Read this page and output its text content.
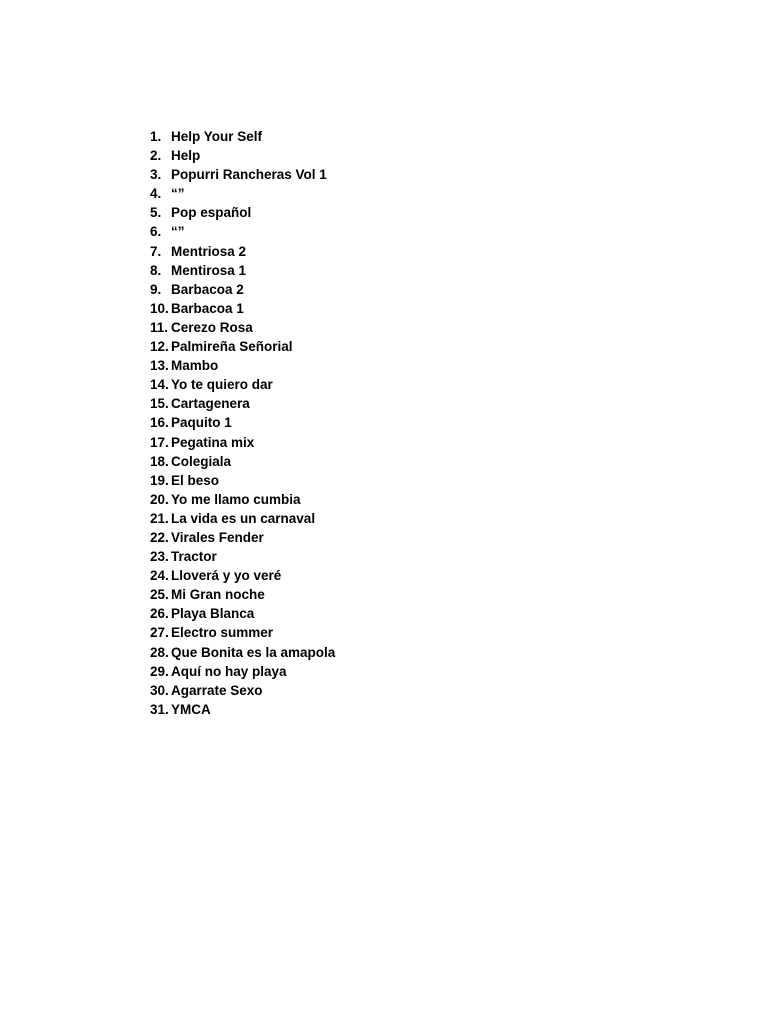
1. Help Your Self
2. Help
3. Popurri Rancheras Vol 1
4. “”
5. Pop español
6. “”
7. Mentriosa 2
8. Mentirosa 1
9. Barbacoa 2
10. Barbacoa 1
11. Cerezo Rosa
12. Palmireña Señorial
13. Mambo
14. Yo te quiero dar
15. Cartagenera
16. Paquito 1
17. Pegatina mix
18. Colegiala
19. El beso
20. Yo me llamo cumbia
21. La vida es un carnaval
22. Virales Fender
23. Tractor
24. Lloverá y yo veré
25. Mi Gran noche
26. Playa Blanca
27. Electro summer
28. Que Bonita es la amapola
29. Aquí no hay playa
30. Agarrate Sexo
31. YMCA
